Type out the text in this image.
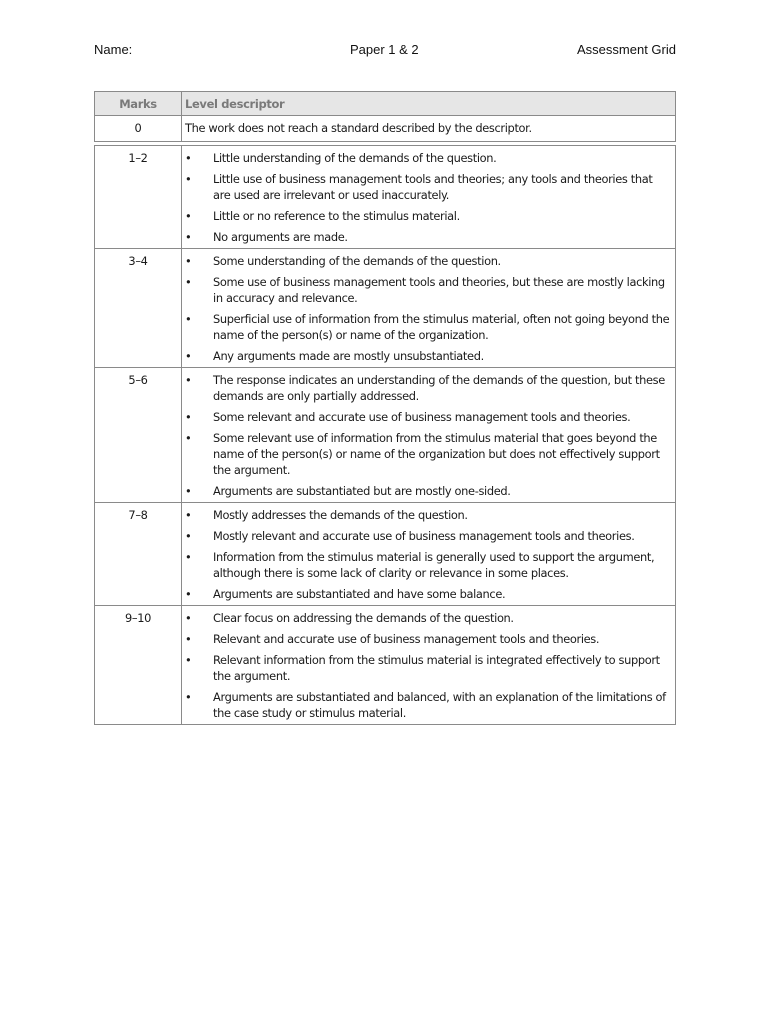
Name:	Paper 1 & 2	Assessment Grid
Marks	Level descriptor
0	The work does not reach a standard described by the descriptor.
1–2	•	Little understanding of the demands of the question.
•	Little use of business management tools and theories; any tools and theories that are used are irrelevant or used inaccurately.
•	Little or no reference to the stimulus material.
•	No arguments are made.
3–4	•	Some understanding of the demands of the question.
•	Some use of business management tools and theories, but these are mostly lacking in accuracy and relevance.
•	Superficial use of information from the stimulus material, often not going beyond the name of the person(s) or name of the organization.
•	Any arguments made are mostly unsubstantiated.
5–6	•	The response indicates an understanding of the demands of the question, but these demands are only partially addressed.
•	Some relevant and accurate use of business management tools and theories.
•	Some relevant use of information from the stimulus material that goes beyond the name of the person(s) or name of the organization but does not effectively support the argument.
•	Arguments are substantiated but are mostly one-sided.
7–8	•	Mostly addresses the demands of the question.
•	Mostly relevant and accurate use of business management tools and theories.
•	Information from the stimulus material is generally used to support the argument, although there is some lack of clarity or relevance in some places.
•	Arguments are substantiated and have some balance.
9–10	•	Clear focus on addressing the demands of the question.
•	Relevant and accurate use of business management tools and theories.
•	Relevant information from the stimulus material is integrated effectively to support the argument.
•	Arguments are substantiated and balanced, with an explanation of the limitations of the case study or stimulus material.
